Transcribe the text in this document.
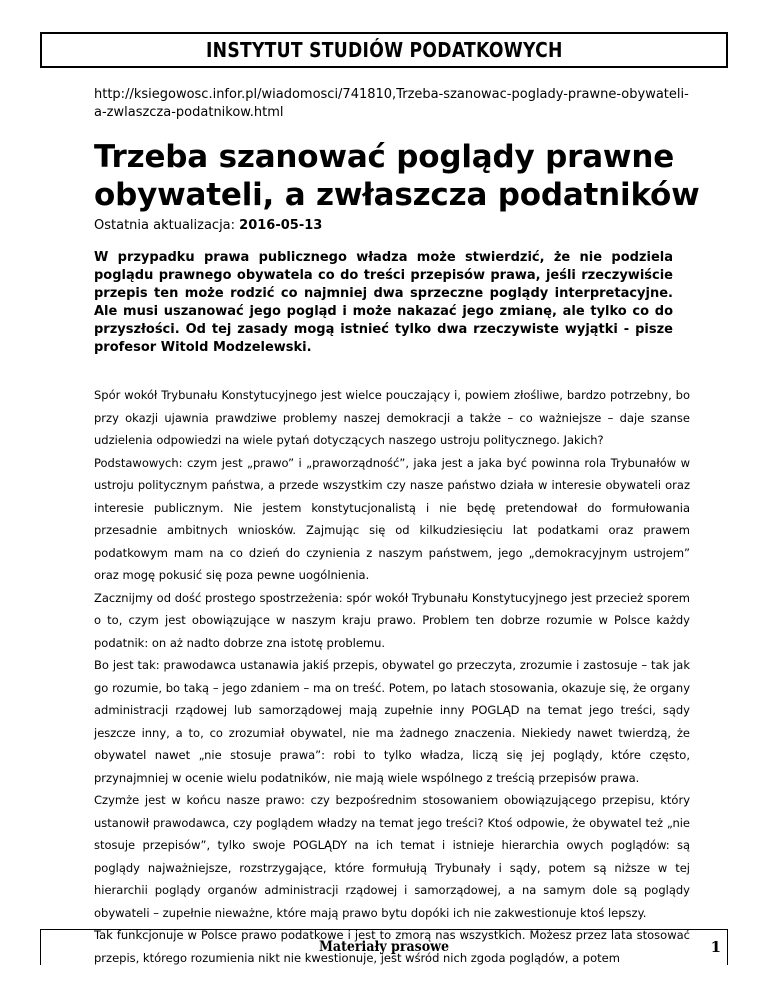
INSTYTUT STUDIÓW PODATKOWYCH
http://ksiegowosc.infor.pl/wiadomosci/741810,Trzeba-szanowac-poglady-prawne-obywateli-a-zwlaszcza-podatnikow.html
Trzeba szanować poglądy prawne obywateli, a zwłaszcza podatników
Ostatnia aktualizacja: 2016-05-13

W przypadku prawa publicznego władza może stwierdzić, że nie podziela poglądu prawnego obywatela co do treści przepisów prawa, jeśli rzeczywiście przepis ten może rodzić co najmniej dwa sprzeczne poglądy interpretacyjne. Ale musi uszanować jego pogląd i może nakazać jego zmianę, ale tylko co do przyszłości. Od tej zasady mogą istnieć tylko dwa rzeczywiste wyjątki - pisze profesor Witold Modzelewski.

Spór wokół Trybunału Konstytucyjnego jest wielce pouczający i, powiem złośliwe, bardzo potrzebny, bo przy okazji ujawnia prawdziwe problemy naszej demokracji a także – co ważniejsze – daje szanse udzielenia odpowiedzi na wiele pytań dotyczących naszego ustroju politycznego. Jakich?

Podstawowych: czym jest „prawo” i „praworządność”, jaka jest a jaka być powinna rola Trybunałów w ustroju politycznym państwa, a przede wszystkim czy nasze państwo działa w interesie obywateli oraz interesie publicznym. Nie jestem konstytucjonalistą i nie będę pretendował do formułowania przesadnie ambitnych wniosków. Zajmując się od kilkudziesięciu lat podatkami oraz prawem podatkowym mam na co dzień do czynienia z naszym państwem, jego „demokracyjnym ustrojem” oraz mogę pokusić się poza pewne uogólnienia.

Zacznijmy od dość prostego spostrzeżenia: spór wokół Trybunału Konstytucyjnego jest przecież sporem o to, czym jest obowiązujące w naszym kraju prawo. Problem ten dobrze rozumie w Polsce każdy podatnik: on aż nadto dobrze zna istotę problemu.

Bo jest tak: prawodawca ustanawia jakiś przepis, obywatel go przeczyta, zrozumie i zastosuje – tak jak go rozumie, bo taką – jego zdaniem – ma on treść. Potem, po latach stosowania, okazuje się, że organy administracji rządowej lub samorządowej mają zupełnie inny POGLĄD na temat jego treści, sądy jeszcze inny, a to, co zrozumiał obywatel, nie ma żadnego znaczenia. Niekiedy nawet twierdzą, że obywatel nawet „nie stosuje prawa”: robi to tylko władza, liczą się jej poglądy, które często, przynajmniej w ocenie wielu podatników, nie mają wiele wspólnego z treścią przepisów prawa.

Czymże jest w końcu nasze prawo: czy bezpośrednim stosowaniem obowiązującego przepisu, który ustanowił prawodawca, czy poglądem władzy na temat jego treści? Ktoś odpowie, że obywatel też „nie stosuje przepisów”, tylko swoje POGLĄDY na ich temat i istnieje hierarchia owych poglądów: są poglądy najważniejsze, rozstrzygające, które formułują Trybunały i sądy, potem są niższe w tej hierarchii poglądy organów administracji rządowej i samorządowej, a na samym dole są poglądy obywateli – zupełnie nieważne, które mają prawo bytu dopóki ich nie zakwestionuje ktoś lepszy.

Tak funkcjonuje w Polsce prawo podatkowe i jest to zmorą nas wszystkich. Możesz przez lata stosować przepis, którego rozumienia nikt nie kwestionuje, jest wśród nich zgoda poglądów, a potem

Materiały prasowe	1
